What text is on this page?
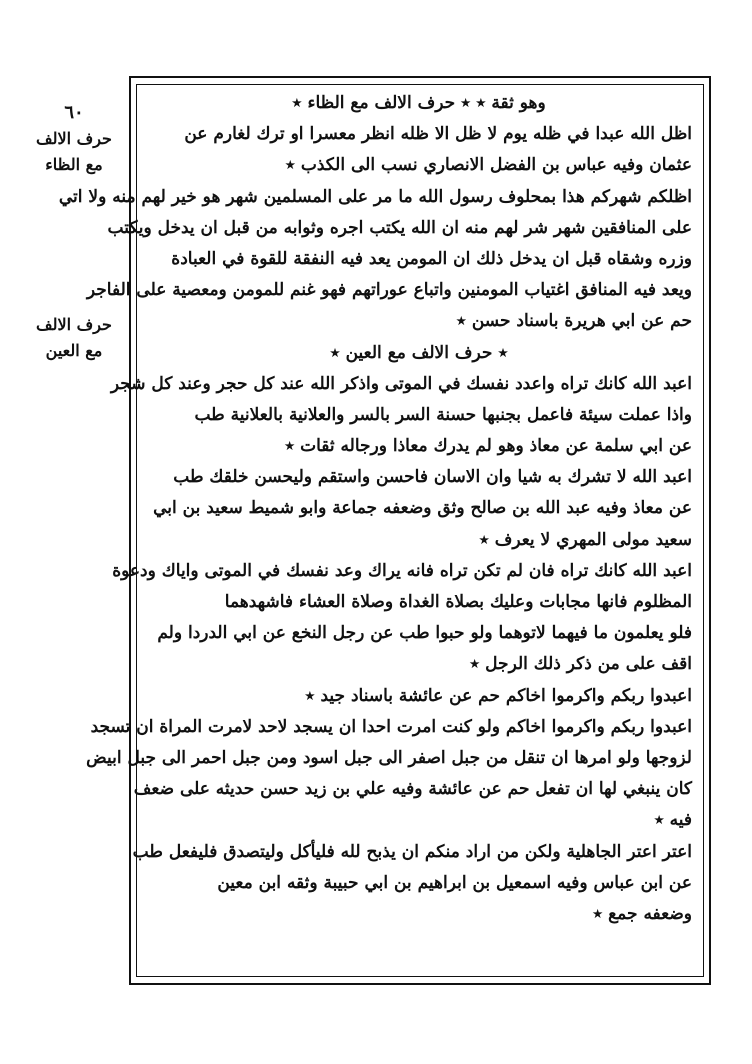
٦٠
حرف الالف
مع الظاء
حرف الالف
مع العين
وهو ثقة ٭ ٭ حرف الالف مع الظاء ٭
اظل الله عبدا في ظله يوم لا ظل الا ظله انظر معسرا او ترك لغارم عن
عثمان وفيه عباس بن الفضل الانصاري نسب الى الكذب ٭
اظلكم شهركم هذا بمحلوف رسول الله ما مر على المسلمين شهر هو خير لهم منه ولا اتي
على المنافقين شهر شر لهم منه ان الله يكتب اجره وثوابه من قبل ان يدخل ويكتب
وزره وشقاه قبل ان يدخل ذلك ان المومن يعد فيه النفقة للقوة في العبادة
ويعد فيه المنافق اغتياب المومنين واتباع عوراتهم فهو غنم للمومن ومعصية على الفاجر
حم عن ابي هريرة باسناد حسن ٭
٭ حرف الالف مع العين ٭
اعبد الله كانك تراه واعدد نفسك في الموتى واذكر الله عند كل حجر وعند كل شجر
واذا عملت سيئة فاعمل بجنبها حسنة السر بالسر والعلانية بالعلانية طب
عن ابي سلمة عن معاذ وهو لم يدرك معاذا ورجاله ثقات ٭
اعبد الله لا تشرك به شيا وان الاسان فاحسن واستقم وليحسن خلقك طب
عن معاذ وفيه عبد الله بن صالح وثق وضعفه جماعة وابو شميط سعيد بن ابي
سعيد مولى المهري لا يعرف ٭
اعبد الله كانك تراه فان لم تكن تراه فانه يراك وعد نفسك في الموتى واياك ودعوة
المظلوم فانها مجابات وعليك بصلاة الغداة وصلاة العشاء فاشهدهما
فلو يعلمون ما فيهما لاتوهما ولو حبوا طب عن رجل النخع عن ابي الدردا ولم
اقف على من ذكر ذلك الرجل ٭
اعبدوا ربكم واكرموا اخاكم حم عن عائشة باسناد جيد ٭
اعبدوا ربكم واكرموا اخاكم ولو كنت امرت احدا ان يسجد لاحد لامرت المراة ان تسجد
لزوجها ولو امرها ان تنقل من جبل اصفر الى جبل اسود ومن جبل احمر الى جبل ابيض
كان ينبغي لها ان تفعل حم عن عائشة وفيه علي بن زيد حسن حديثه على ضعف
فيه ٭
اعتر اعتر الجاهلية ولكن من اراد منكم ان يذبح لله فليأكل وليتصدق فليفعل طب
عن ابن عباس وفيه اسمعيل بن ابراهيم بن ابي حبيبة وثقه ابن معين
وضعفه جمع ٭
